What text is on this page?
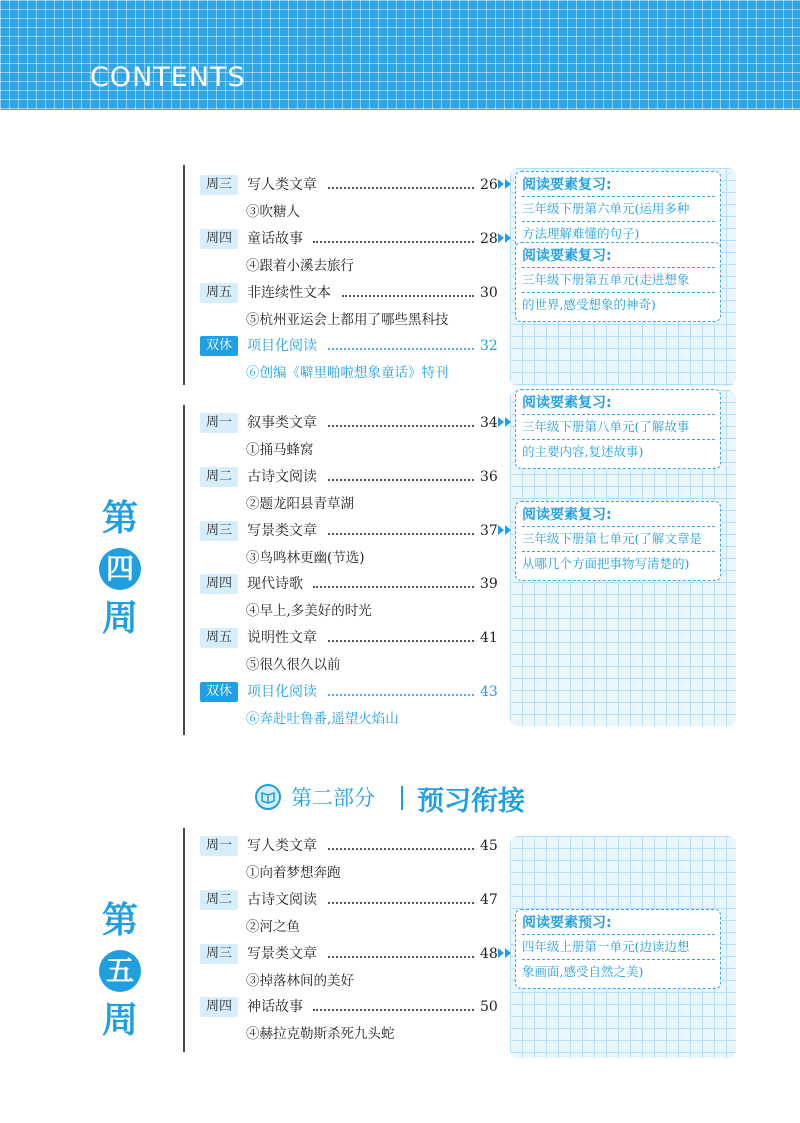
CONTENTS
第
四
周
周三	写人类文章	26
③吹糖人
周四	童话故事	28
④跟着小溪去旅行
周五	非连续性文本	30
⑤杭州亚运会上都用了哪些黑科技
双休	项目化阅读	32
⑥创编《噼里啪啦想象童话》特刊
周一	叙事类文章	34
①捅马蜂窝
周二	古诗文阅读	36
②题龙阳县青草湖
周三	写景类文章	37
③鸟鸣林更幽(节选)
周四	现代诗歌	39
④早上,多美好的时光
周五	说明性文章	41
⑤很久很久以前
双休	项目化阅读	43
⑥奔赴吐鲁番,遥望火焰山
阅读要素复习:
三年级下册第六单元(运用多种
方法理解难懂的句子)
阅读要素复习:
三年级下册第五单元(走进想象
的世界,感受想象的神奇)
阅读要素复习:
三年级下册第八单元(了解故事
的主要内容,复述故事)
阅读要素复习:
三年级下册第七单元(了解文章是
从哪几个方面把事物写清楚的)
第二部分 预习衔接
第
五
周
周一	写人类文章	45
①向着梦想奔跑
周二	古诗文阅读	47
②河之鱼
周三	写景类文章	48
③掉落林间的美好
周四	神话故事	50
④赫拉克勒斯杀死九头蛇
阅读要素预习:
四年级上册第一单元(边读边想
象画面,感受自然之美)
